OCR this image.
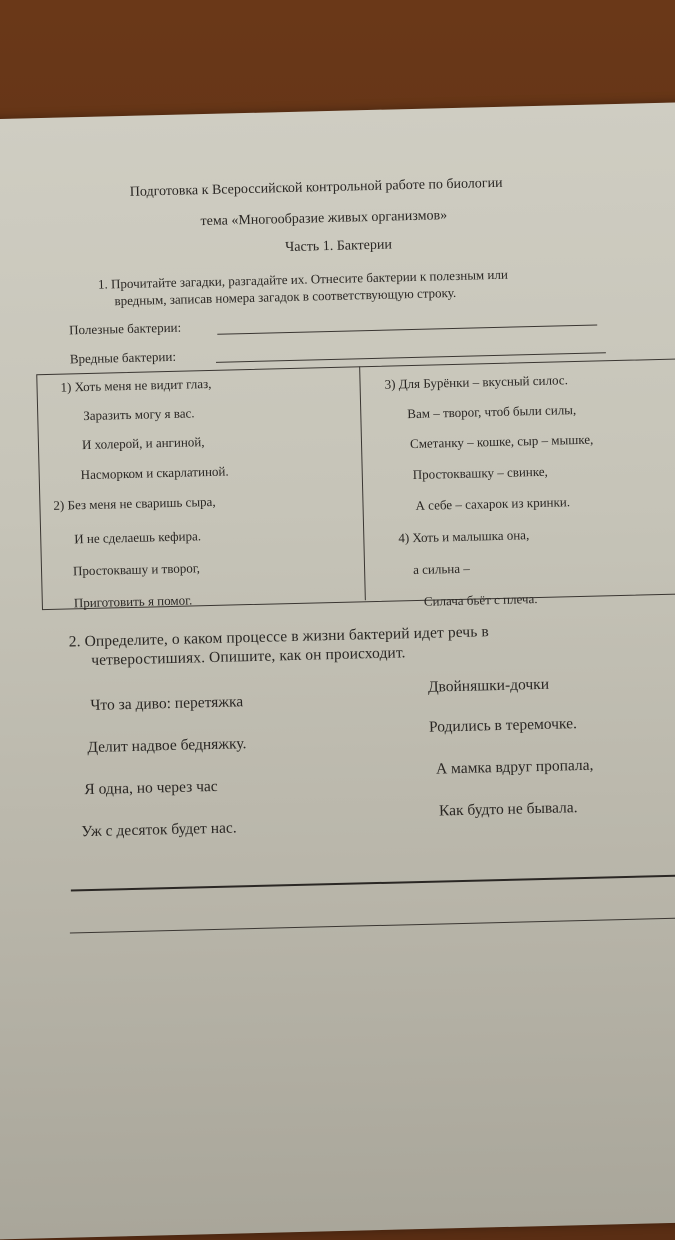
Подготовка к Всероссийской контрольной работе по биологии
тема «Многообразие живых организмов»
Часть 1. Бактерии
1. Прочитайте загадки, разгадайте их. Отнесите бактерии к полезным или
вредным, записав номера загадок в соответствующую строку.
Полезные бактерии:
Вредные бактерии:
1) Хоть меня не видит глаз,
Заразить могу я вас.
И холерой, и ангиной,
Насморком и скарлатиной.
2) Без меня не сваришь сыра,
И не сделаешь кефира.
Простоквашу и творог,
Приготовить я помог.
3) Для Бурёнки – вкусный силос.
Вам – творог, чтоб были силы,
Сметанку – кошке, сыр – мышке,
Простоквашку – свинке,
А себе – сахарок из кринки.
4) Хоть и малышка она,
а сильна –
Силача бьёт с плеча.
2. Определите, о каком процессе в жизни бактерий идет речь в
четверостишиях. Опишите, как он происходит.
Что за диво: перетяжка
Делит надвое бедняжку.
Я одна, но через час
Уж с десяток будет нас.
Двойняшки-дочки
Родились в теремочке.
А мамка вдруг пропала,
Как будто не бывала.
